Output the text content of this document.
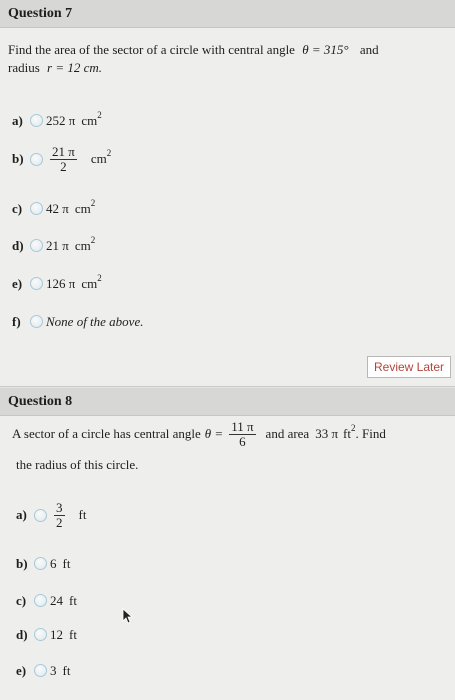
Question 7
Find the area of the sector of a circle with central angle θ = 315° and
radius r = 12 cm.
a)	252 π $cm^2$
b)	$\frac{21 \pi}{2} cm^2$
c)	42 π $cm^2$
d)	21 π $cm^2$
e)	126 π $cm^2$
f)	None of the above.
Review Later
Question 8
A sector of a circle has central angle $\theta = \frac{11 \pi}{6}$ and area 33 π $ft^2$ . Find
the radius of this circle.
a)	$\frac{3}{2}$ ft
b)	6 ft
c)	24 ft
d)	12 ft
e)	3 ft
